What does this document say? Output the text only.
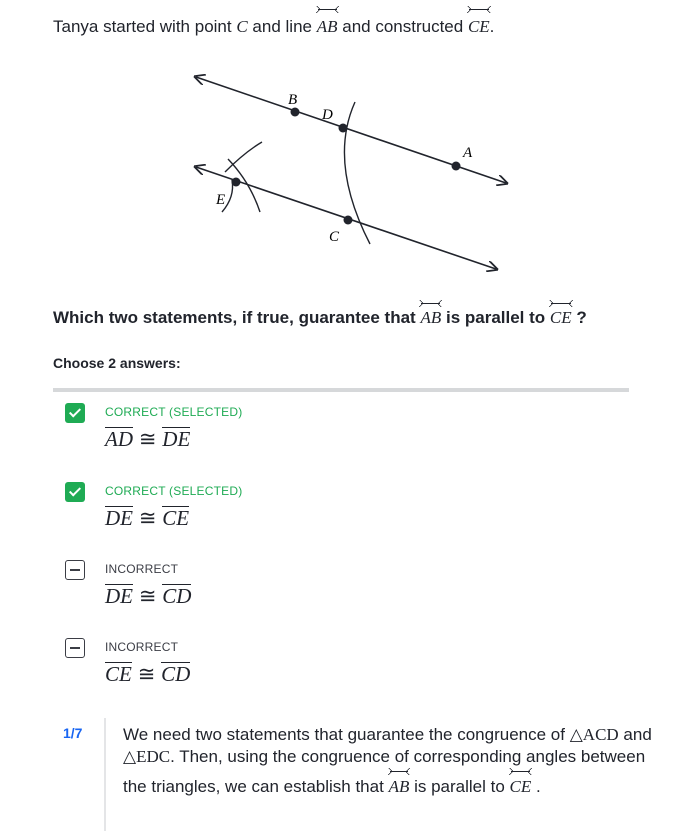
Tanya started with point C and line AB and constructed CE.
B
D
A
E
C
Which two statements, if true, guarantee that AB is parallel to CE ?
Choose 2 answers:
CORRECT (SELECTED)
AD ≅ DE
CORRECT (SELECTED)
DE ≅ CE
INCORRECT
DE ≅ CD
INCORRECT
CE ≅ CD
1/7 We need two statements that guarantee the congruence of △ACD and △EDC. Then, using the congruence of corresponding angles between the triangles, we can establish that AB is parallel to CE .
